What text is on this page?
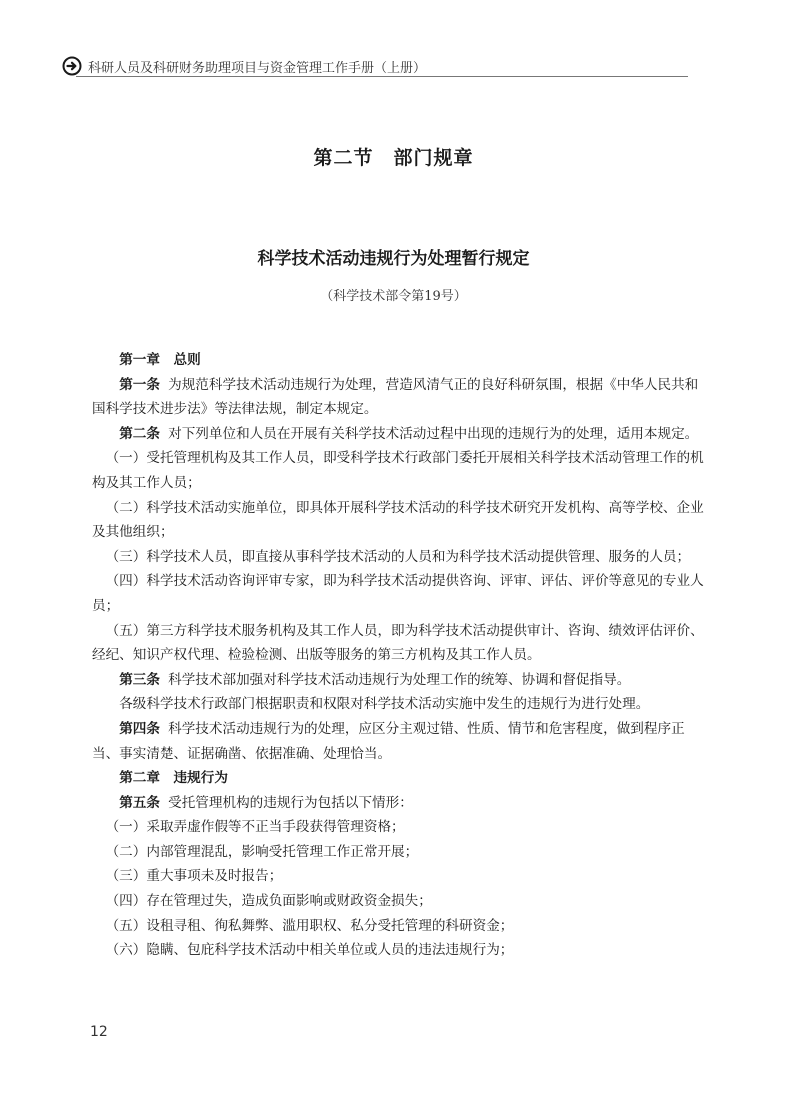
科研人员及科研财务助理项目与资金管理工作手册（上册）
第二节　部门规章
科学技术活动违规行为处理暂行规定
（科学技术部令第19号）

第一章　总则

第一条 为规范科学技术活动违规行为处理，营造风清气正的良好科研氛围，根据《中华人民共和国科学技术进步法》等法律法规，制定本规定。

第二条 对下列单位和人员在开展有关科学技术活动过程中出现的违规行为的处理，适用本规定。

（一）受托管理机构及其工作人员，即受科学技术行政部门委托开展相关科学技术活动管理工作的机构及其工作人员；

（二）科学技术活动实施单位，即具体开展科学技术活动的科学技术研究开发机构、高等学校、企业及其他组织；

（三）科学技术人员，即直接从事科学技术活动的人员和为科学技术活动提供管理、服务的人员；

（四）科学技术活动咨询评审专家，即为科学技术活动提供咨询、评审、评估、评价等意见的专业人员；

（五）第三方科学技术服务机构及其工作人员，即为科学技术活动提供审计、咨询、绩效评估评价、经纪、知识产权代理、检验检测、出版等服务的第三方机构及其工作人员。

第三条 科学技术部加强对科学技术活动违规行为处理工作的统筹、协调和督促指导。

各级科学技术行政部门根据职责和权限对科学技术活动实施中发生的违规行为进行处理。

第四条 科学技术活动违规行为的处理，应区分主观过错、性质、情节和危害程度，做到程序正当、事实清楚、证据确凿、依据准确、处理恰当。

第二章　违规行为

第五条 受托管理机构的违规行为包括以下情形：

（一）采取弄虚作假等不正当手段获得管理资格；

（二）内部管理混乱，影响受托管理工作正常开展；

（三）重大事项未及时报告；

（四）存在管理过失，造成负面影响或财政资金损失；

（五）设租寻租、徇私舞弊、滥用职权、私分受托管理的科研资金；

（六）隐瞒、包庇科学技术活动中相关单位或人员的违法违规行为；

12
